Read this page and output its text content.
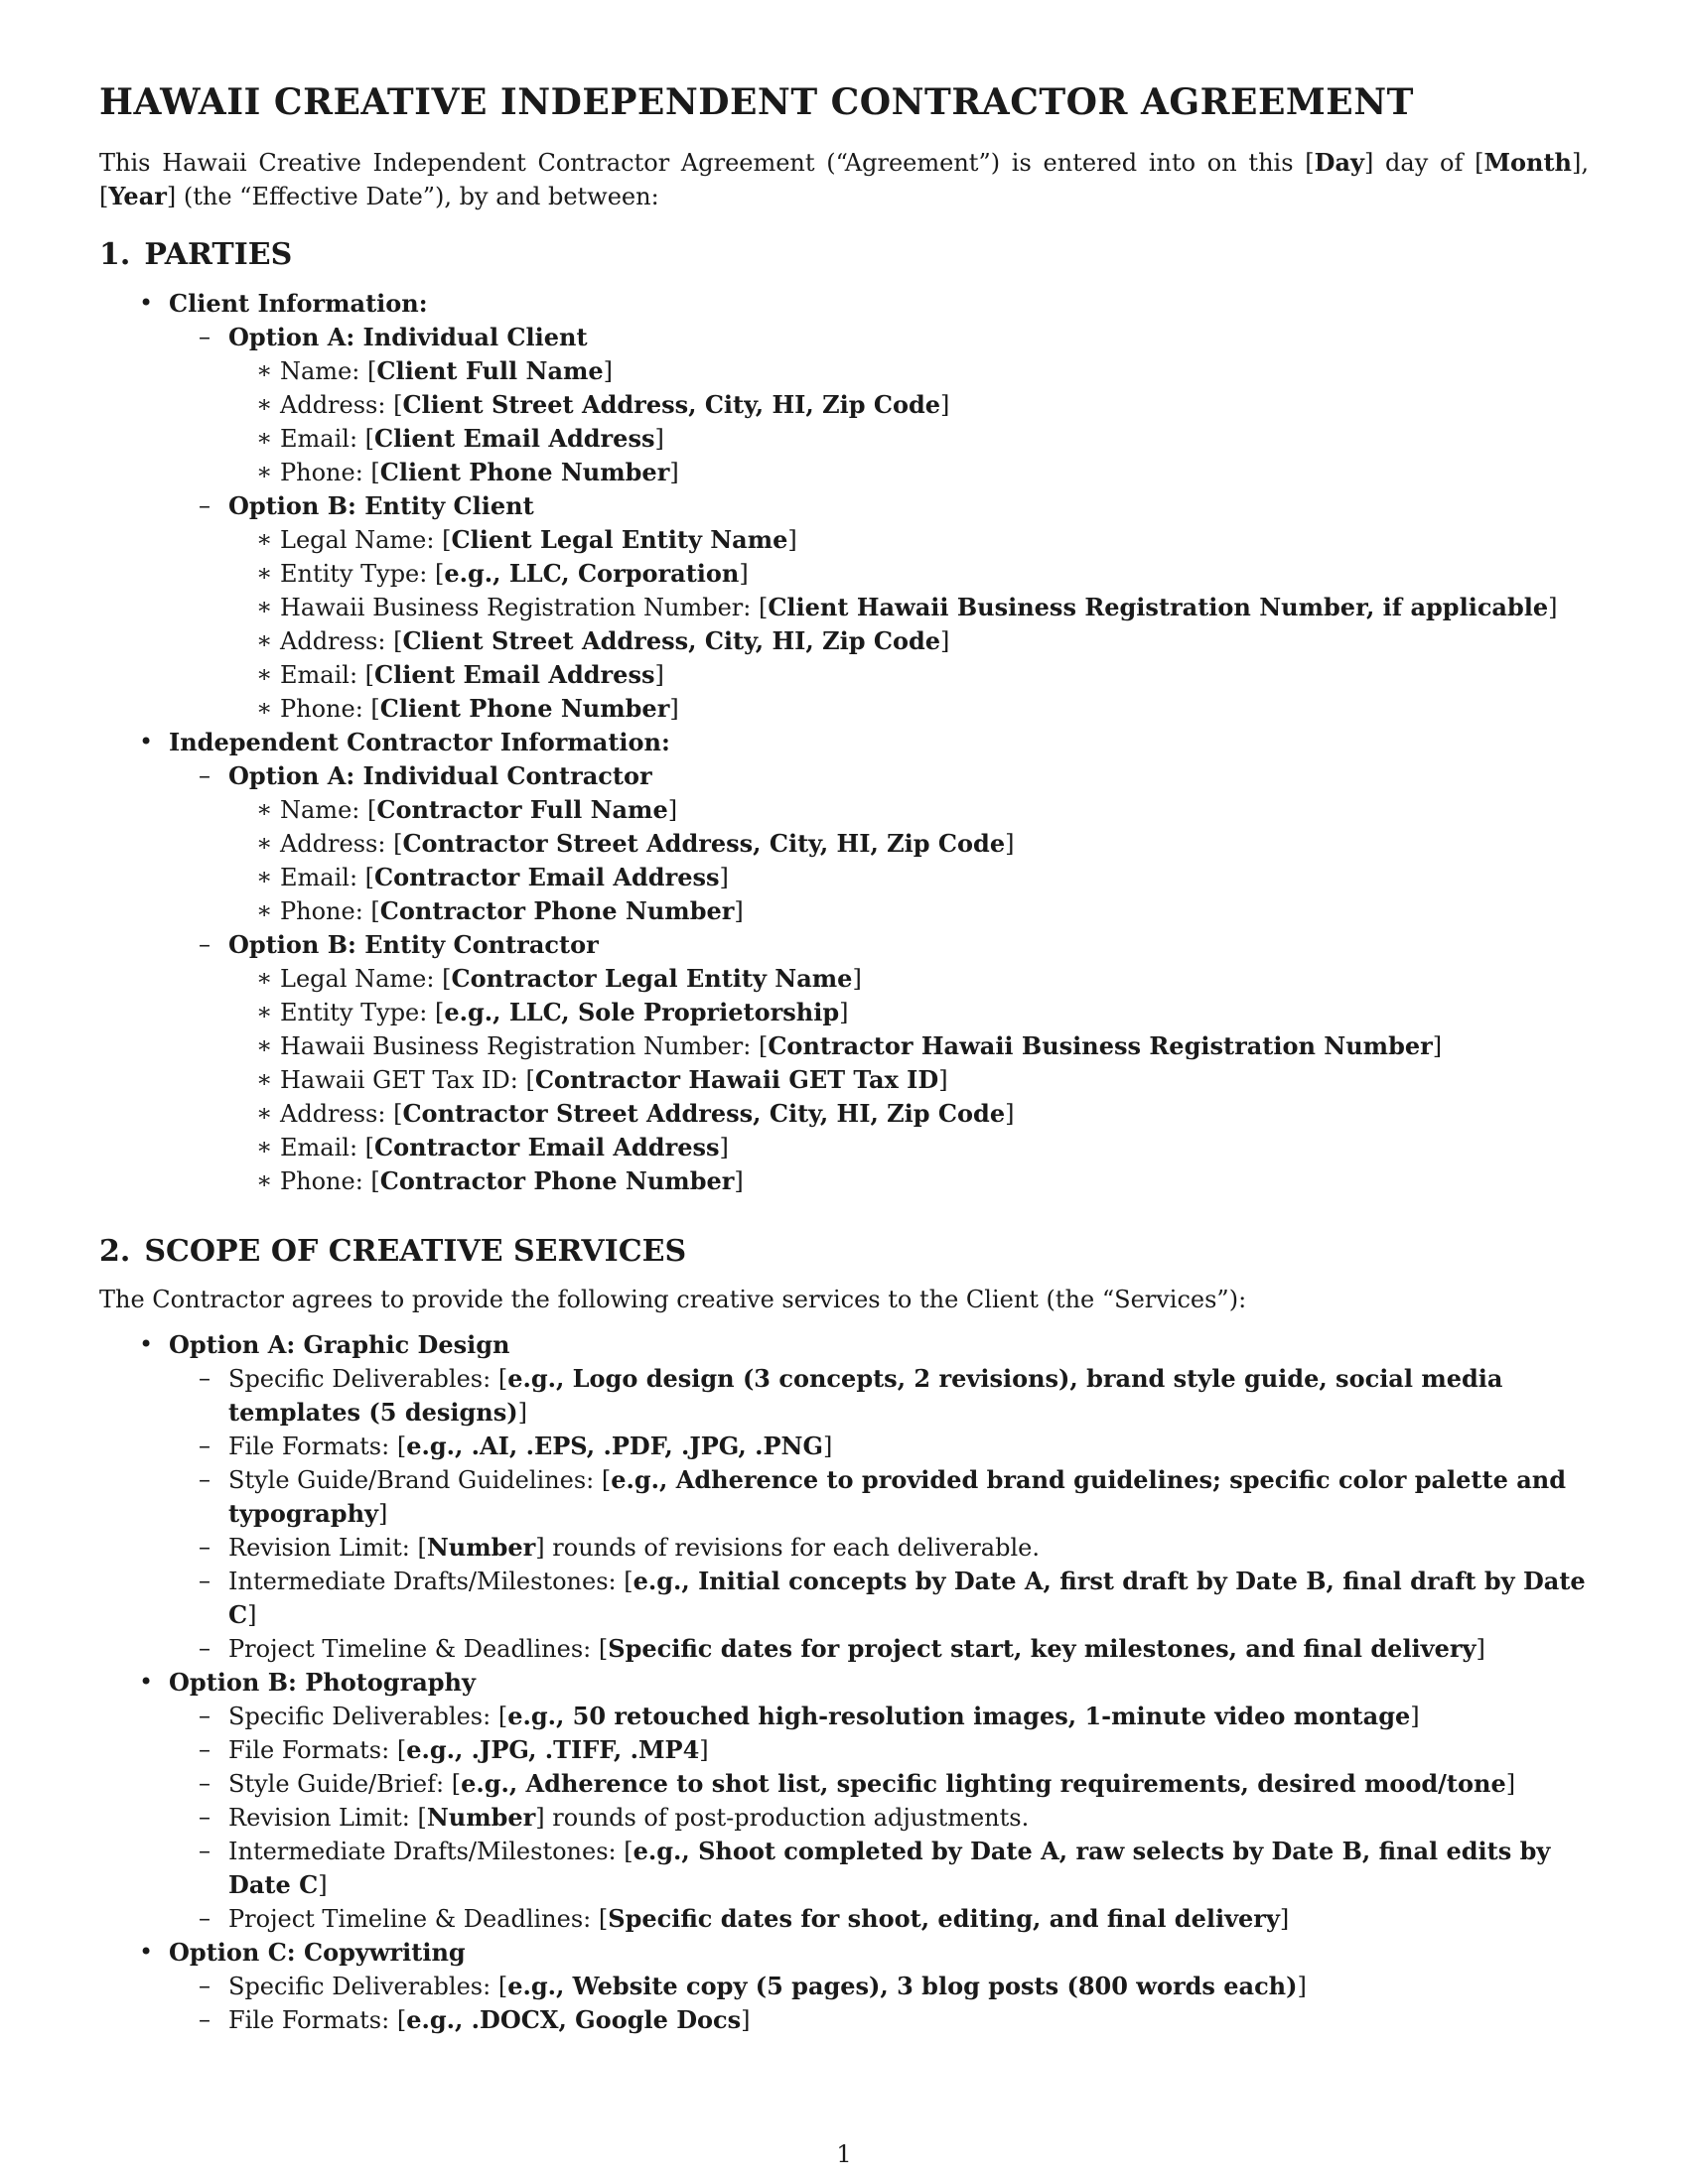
HAWAII CREATIVE INDEPENDENT CONTRACTOR AGREEMENT

This Hawaii Creative Independent Contractor Agreement (“Agreement”) is entered into on this [Day] day of [Month], [Year] (the “Effective Date”), by and between:

1. PARTIES
• Client Information:
– Option A: Individual Client
∗ Name: [Client Full Name]
∗ Address: [Client Street Address, City, HI, Zip Code]
∗ Email: [Client Email Address]
∗ Phone: [Client Phone Number]
– Option B: Entity Client
∗ Legal Name: [Client Legal Entity Name]
∗ Entity Type: [e.g., LLC, Corporation]
∗ Hawaii Business Registration Number: [Client Hawaii Business Registration Number, if applicable]
∗ Address: [Client Street Address, City, HI, Zip Code]
∗ Email: [Client Email Address]
∗ Phone: [Client Phone Number]
• Independent Contractor Information:
– Option A: Individual Contractor
∗ Name: [Contractor Full Name]
∗ Address: [Contractor Street Address, City, HI, Zip Code]
∗ Email: [Contractor Email Address]
∗ Phone: [Contractor Phone Number]
– Option B: Entity Contractor
∗ Legal Name: [Contractor Legal Entity Name]
∗ Entity Type: [e.g., LLC, Sole Proprietorship]
∗ Hawaii Business Registration Number: [Contractor Hawaii Business Registration Number]
∗ Hawaii GET Tax ID: [Contractor Hawaii GET Tax ID]
∗ Address: [Contractor Street Address, City, HI, Zip Code]
∗ Email: [Contractor Email Address]
∗ Phone: [Contractor Phone Number]
2. SCOPE OF CREATIVE SERVICES

The Contractor agrees to provide the following creative services to the Client (the “Services”):

• Option A: Graphic Design
– Specific Deliverables: [e.g., Logo design (3 concepts, 2 revisions), brand style guide, social media templates (5 designs)]
– File Formats: [e.g., .AI, .EPS, .PDF, .JPG, .PNG]
– Style Guide/Brand Guidelines: [e.g., Adherence to provided brand guidelines; specific color palette and typography]
– Revision Limit: [Number] rounds of revisions for each deliverable.
– Intermediate Drafts/Milestones: [e.g., Initial concepts by Date A, first draft by Date B, final draft by Date C]
– Project Timeline & Deadlines: [Specific dates for project start, key milestones, and final delivery]
• Option B: Photography
– Specific Deliverables: [e.g., 50 retouched high-resolution images, 1-minute video montage]
– File Formats: [e.g., .JPG, .TIFF, .MP4]
– Style Guide/Brief: [e.g., Adherence to shot list, specific lighting requirements, desired mood/tone]
– Revision Limit: [Number] rounds of post-production adjustments.
– Intermediate Drafts/Milestones: [e.g., Shoot completed by Date A, raw selects by Date B, final edits by Date C]
– Project Timeline & Deadlines: [Specific dates for shoot, editing, and final delivery]
• Option C: Copywriting
– Specific Deliverables: [e.g., Website copy (5 pages), 3 blog posts (800 words each)]
– File Formats: [e.g., .DOCX, Google Docs]
1
